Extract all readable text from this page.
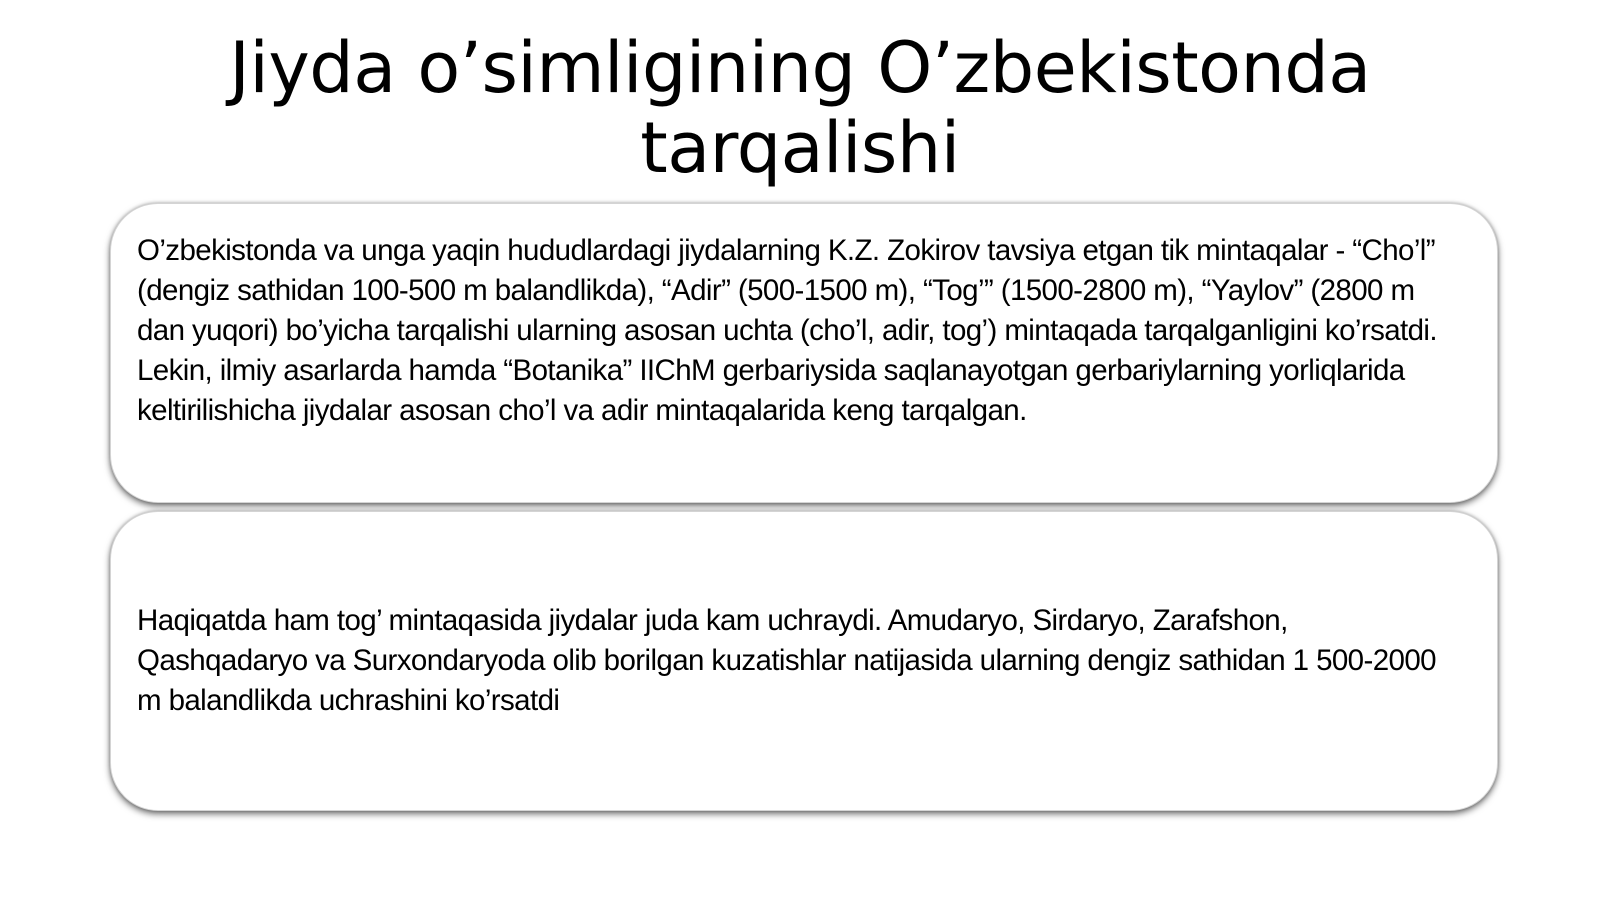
Jiyda o’simligining O’zbekistonda tarqalishi

O’zbekistonda va unga yaqin hududlardagi jiydalarning K.Z. Zokirov tavsiya etgan tik mintaqalar - “Cho’l” (dengiz sathidan 100-500 m balandlikda), “Adir” (500-1500 m), “Tog’” (1500-2800 m), “Yaylov” (2800 m dan yuqori) bo’yicha tarqalishi ularning asosan uchta (cho’l, adir, tog’) mintaqada tarqalganligini ko’rsatdi. Lekin, ilmiy asarlarda hamda “Botanika” IIChM gerbariysida saqlanayotgan gerbariylarning yorliqlarida keltirilishicha jiydalar asosan cho’l va adir mintaqalarida keng tarqalgan.

Haqiqatda ham tog’ mintaqasida jiydalar juda kam uchraydi. Amudaryo, Sirdaryo, Zarafshon, Qashqadaryo va Surxondaryoda olib borilgan kuzatishlar natijasida ularning dengiz sathidan 1 500-2000 m balandlikda uchrashini ko’rsatdi
